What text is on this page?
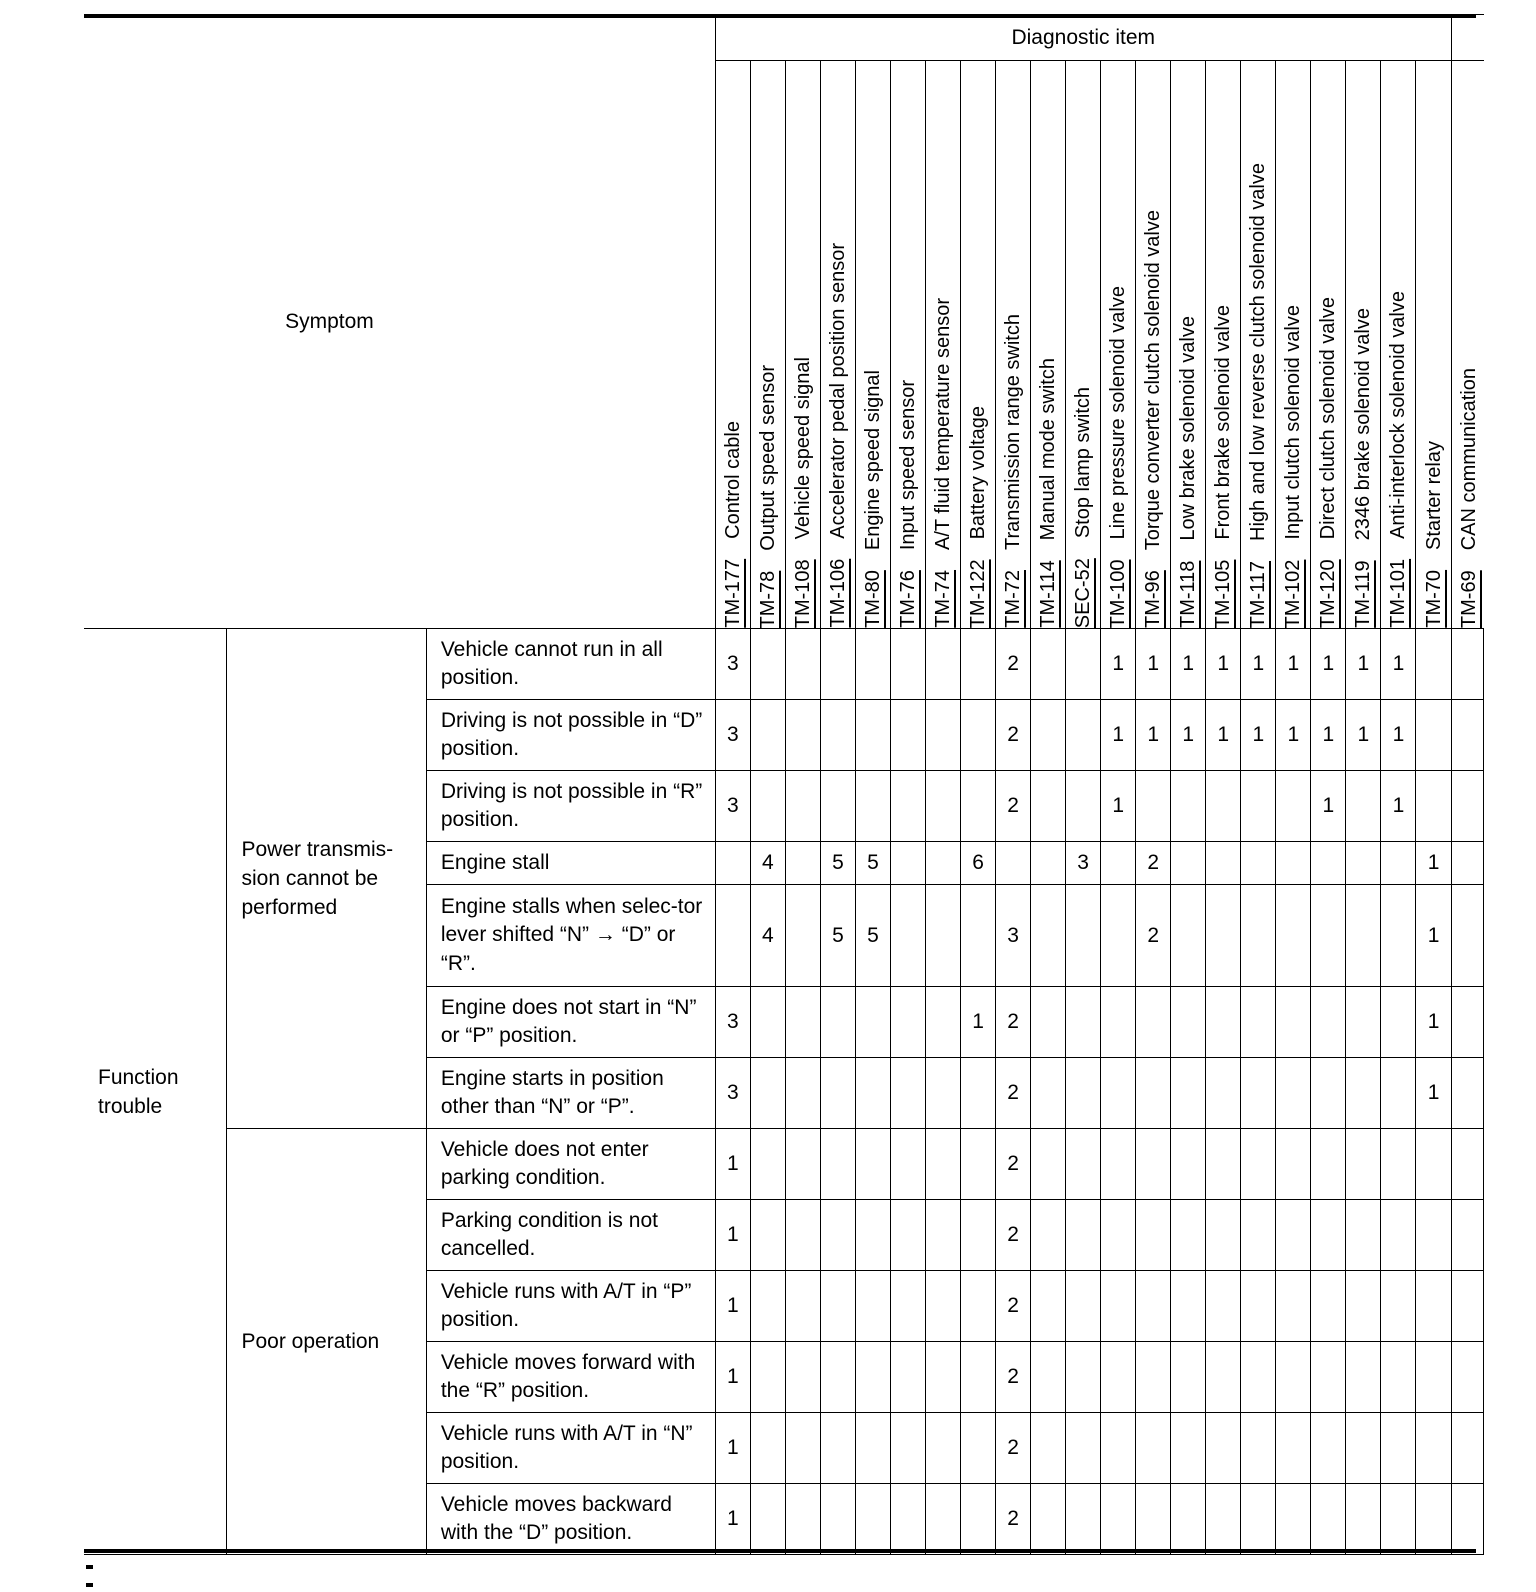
Symptom			Diagnostic item																					

			TM-177Control cable	TM-78Output speed sensor	TM-108Vehicle speed signal	TM-106Accelerator pedal position sensor	TM-80Engine speed signal	TM-76Input speed sensor	TM-74A/T fluid temperature sensor	TM-122Battery voltage	TM-72Transmission range switch	TM-114Manual mode switch	SEC-52Stop lamp switch	TM-100Line pressure solenoid valve	TM-96Torque converter clutch solenoid valve	TM-118Low brake solenoid valve	TM-105Front brake solenoid valve	TM-117High and low reverse clutch solenoid valve	TM-102Input clutch solenoid valve	TM-120Direct clutch solenoid valve	TM-1192346 brake solenoid valve	TM-101Anti-interlock solenoid valve	TM-70Starter relay	TM-69CAN communication

Function trouble	Power transmis-sion cannot be performed	Vehicle cannot run in all position.	3								2			1	1	1	1	1	1	1	1	1		
		Driving is not possible in “D” position.	3								2			1	1	1	1	1	1	1	1	1		
		Driving is not possible in “R” position.	3								2			1						1		1		
		Engine stall		4		5	5			6			3		2								1	
		Engine stalls when selec-tor lever shifted “N” → “D” or “R”.		4		5	5				3				2								1	
		Engine does not start in “N” or “P” position.	3							1	2												1	
		Engine starts in position other than “N” or “P”.	3								2												1	
	Poor operation	Vehicle does not enter parking condition.	1								2													
		Parking condition is not cancelled.	1								2													
		Vehicle runs with A/T in “P” position.	1								2													
		Vehicle moves forward with the “R” position.	1								2													
		Vehicle runs with A/T in “N” position.	1								2													
		Vehicle moves backward with the “D” position.	1								2													
